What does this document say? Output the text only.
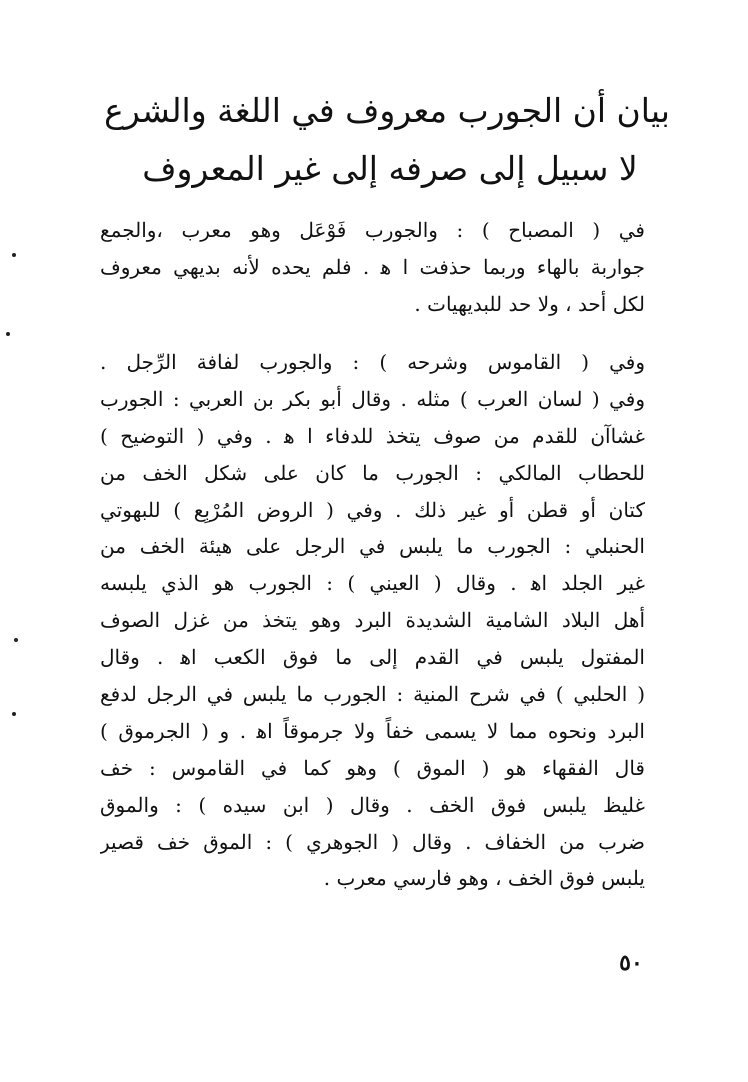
بيان أن الجورب معروف في اللغة والشرع
لا سبيل إلى صرفه إلى غير المعروف
في ( المصباح ) : والجورب فَوْعَل وهو معرب ،والجمع
جواربة بالهاء وربما حذفت ا ﻫ . فلم يحده لأنه بديهي معروف
لكل أحد ، ولا حد للبديهيات .
وفي ( القاموس وشرحه ) : والجورب لفافة الرِّجل .
وفي ( لسان العرب ) مثله . وقال أبو بكر بن العربي : الجورب
غشاآن للقدم من صوف يتخذ للدفاء ا ﻫ . وفي ( التوضيح )
للحطاب المالكي : الجورب ما كان على شكل الخف من
كتان أو قطن أو غير ذلك . وفي ( الروض المُرْبِع ) للبهوتي
الحنبلي : الجورب ما يلبس في الرجل على هيئة الخف من
غير الجلد اﻫ . وقال ( العيني ) : الجورب هو الذي يلبسه
أهل البلاد الشامية الشديدة البرد وهو يتخذ من غزل الصوف
المفتول يلبس في القدم إلى ما فوق الكعب اﻫ . وقال
( الحلبي ) في شرح المنية : الجورب ما يلبس في الرجل لدفع
البرد ونحوه مما لا يسمى خفاً ولا جرموقاً اﻫ . و ( الجرموق )
قال الفقهاء هو ( الموق ) وهو كما في القاموس : خف
غليظ يلبس فوق الخف . وقال ( ابن سيده ) : والموق
ضرب من الخفاف . وقال ( الجوهري ) : الموق خف قصير
يلبس فوق الخف ، وهو فارسي معرب .
٥٠
